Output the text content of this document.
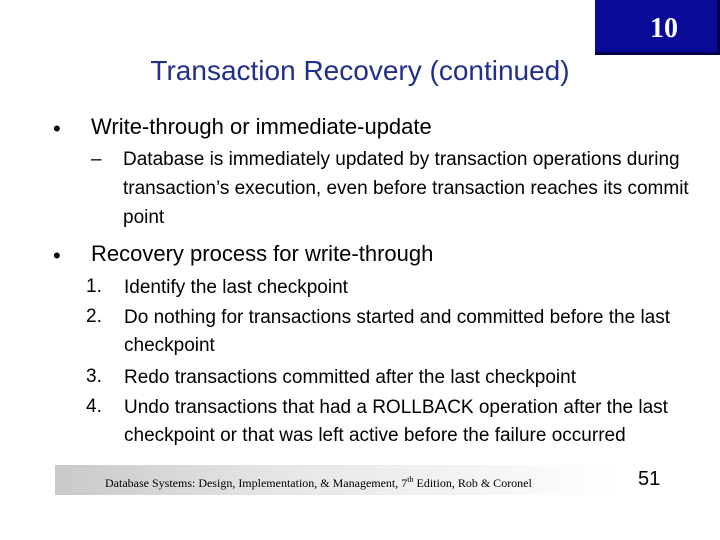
10
Transaction Recovery (continued)
• Write-through or immediate-update
– Database is immediately updated by transaction operations during transaction’s execution, even before transaction reaches its commit point
• Recovery process for write-through
1. Identify the last checkpoint
2. Do nothing for transactions started and committed before the last checkpoint
3. Redo transactions committed after the last checkpoint
4. Undo transactions that had a ROLLBACK operation after the last checkpoint or that was left active before the failure occurred
Database Systems: Design, Implementation, & Management, 7th Edition, Rob & Coronel	51
